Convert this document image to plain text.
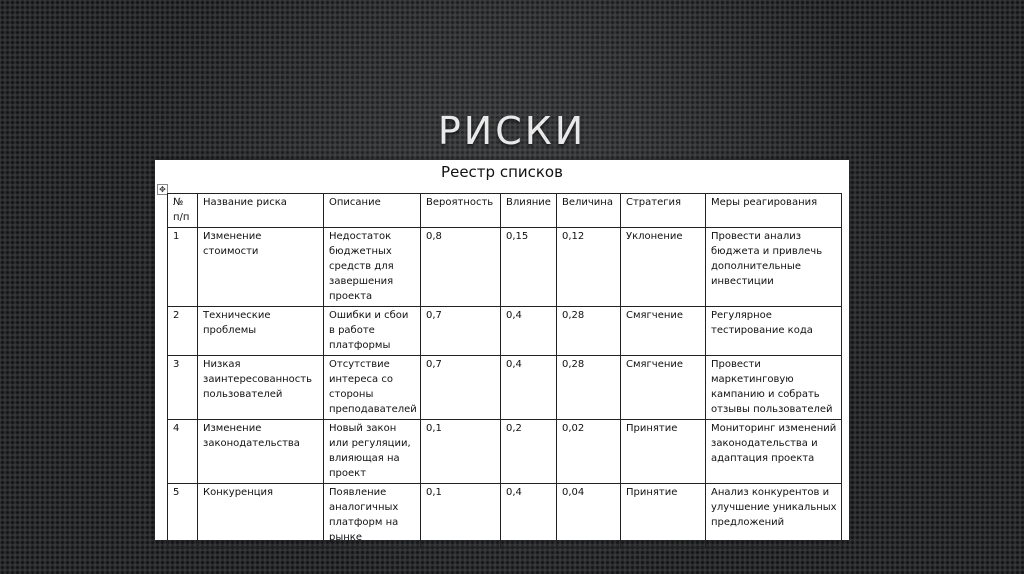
РИСКИ
Реестр списков
✥
№ п/п	Название риска	Описание	Вероятность	Влияние	Величина	Стратегия	Меры реагирования
1	Изменение стоимости	Недостаток бюджетных средств для завершения проекта	0,8	0,15	0,12	Уклонение	Провести анализ бюджета и привлечь дополнительные инвестиции
2	Технические проблемы	Ошибки и сбои в работе платформы	0,7	0,4	0,28	Смягчение	Регулярное тестирование кода
3	Низкая заинтересованность пользователей	Отсутствие интереса со стороны преподавателей	0,7	0,4	0,28	Смягчение	Провести маркетинговую кампанию и собрать отзывы пользователей
4	Изменение законодательства	Новый закон или регуляции, влияющая на проект	0,1	0,2	0,02	Принятие	Мониторинг изменений законодательства и адаптация проекта
5	Конкуренция	Появление аналогичных платформ на рынке	0,1	0,4	0,04	Принятие	Анализ конкурентов и улучшение уникальных предложений
